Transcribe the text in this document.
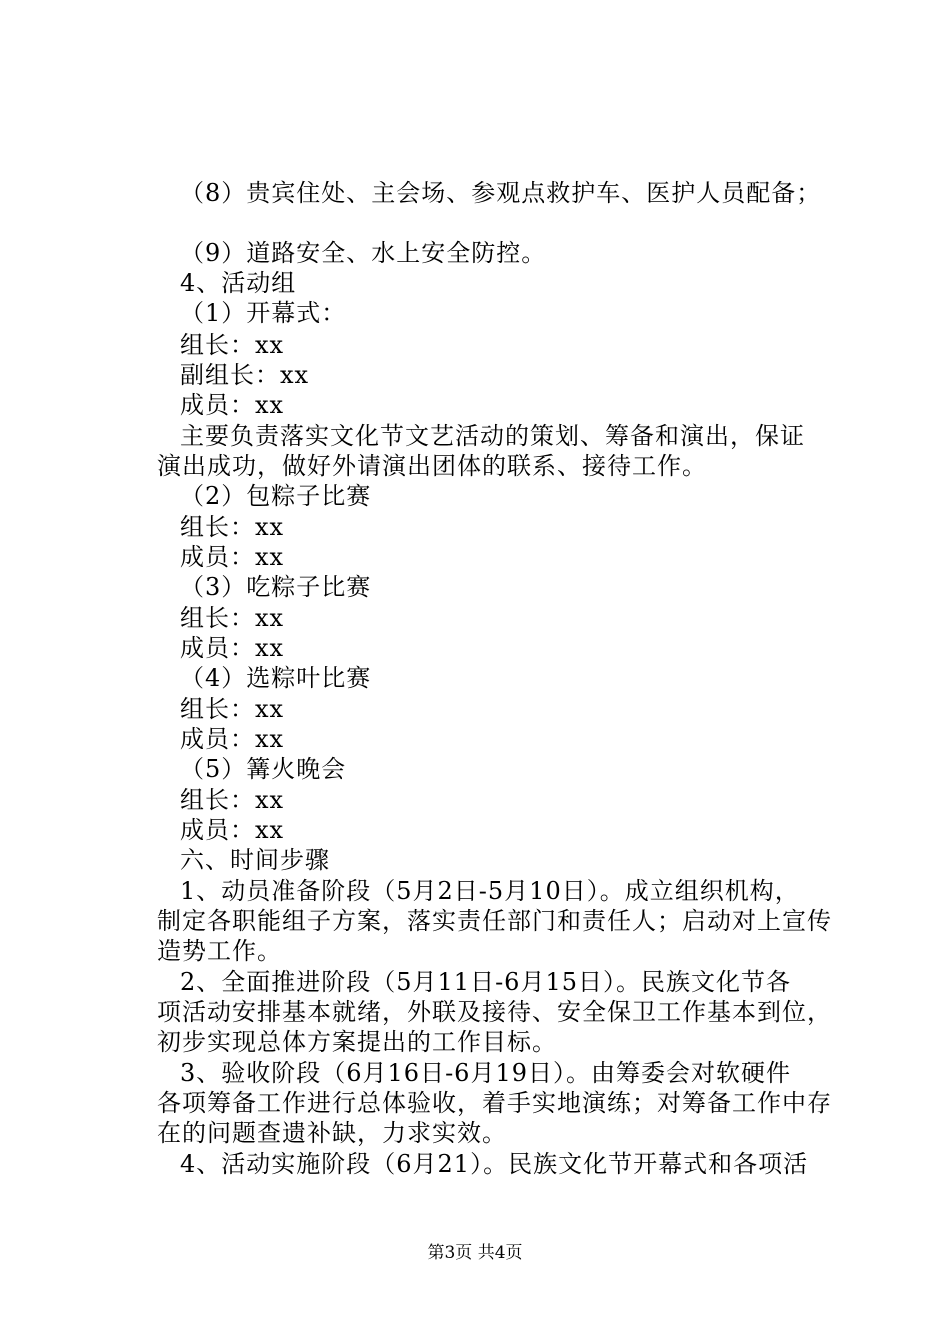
（8）贵宾住处、主会场、参观点救护车、医护人员配备；
（9）道路安全、水上安全防控。
4、活动组
（1）开幕式：
组长：xx
副组长：xx
成员：xx
主要负责落实文化节文艺活动的策划、筹备和演出，保证
演出成功，做好外请演出团体的联系、接待工作。
（2）包粽子比赛
组长：xx
成员：xx
（3）吃粽子比赛
组长：xx
成员：xx
（4）选粽叶比赛
组长：xx
成员：xx
（5）篝火晚会
组长：xx
成员：xx
六、时间步骤
1、动员准备阶段（5月2日-5月10日）。成立组织机构，
制定各职能组子方案，落实责任部门和责任人；启动对上宣传
造势工作。
2、全面推进阶段（5月11日-6月15日）。民族文化节各
项活动安排基本就绪，外联及接待、安全保卫工作基本到位，
初步实现总体方案提出的工作目标。
3、验收阶段（6月16日-6月19日）。由筹委会对软硬件
各项筹备工作进行总体验收，着手实地演练；对筹备工作中存
在的问题查遗补缺，力求实效。
4、活动实施阶段（6月21）。民族文化节开幕式和各项活
第3页 共4页
